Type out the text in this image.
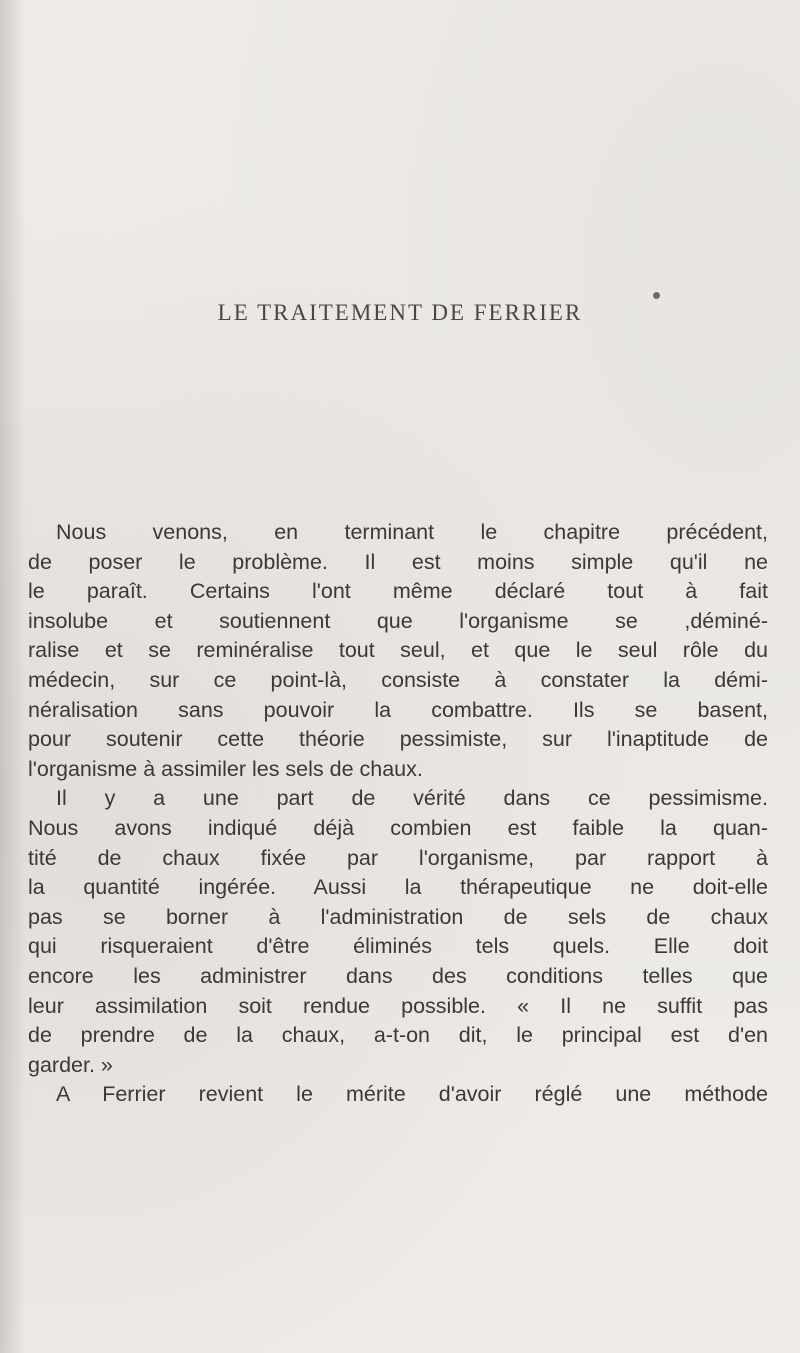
LE TRAITEMENT DE FERRIER
Nous venons, en terminant le chapitre précédent,
de poser le problème. Il est moins simple qu'il ne
le paraît. Certains l'ont même déclaré tout à fait
insolube et soutiennent que l'organisme se ,déminé-
ralise et se reminéralise tout seul, et que le seul rôle du
médecin, sur ce point-là, consiste à constater la démi-
néralisation sans pouvoir la combattre. Ils se basent,
pour soutenir cette théorie pessimiste, sur l'inaptitude de
l'organisme à assimiler les sels de chaux.
Il y a une part de vérité dans ce pessimisme.
Nous avons indiqué déjà combien est faible la quan-
tité de chaux fixée par l'organisme, par rapport à
la quantité ingérée. Aussi la thérapeutique ne doit-elle
pas se borner à l'administration de sels de chaux
qui risqueraient d'être éliminés tels quels. Elle doit
encore les administrer dans des conditions telles que
leur assimilation soit rendue possible. « Il ne suffit pas
de prendre de la chaux, a-t-on dit, le principal est d'en
garder. »
A Ferrier revient le mérite d'avoir réglé une méthode
